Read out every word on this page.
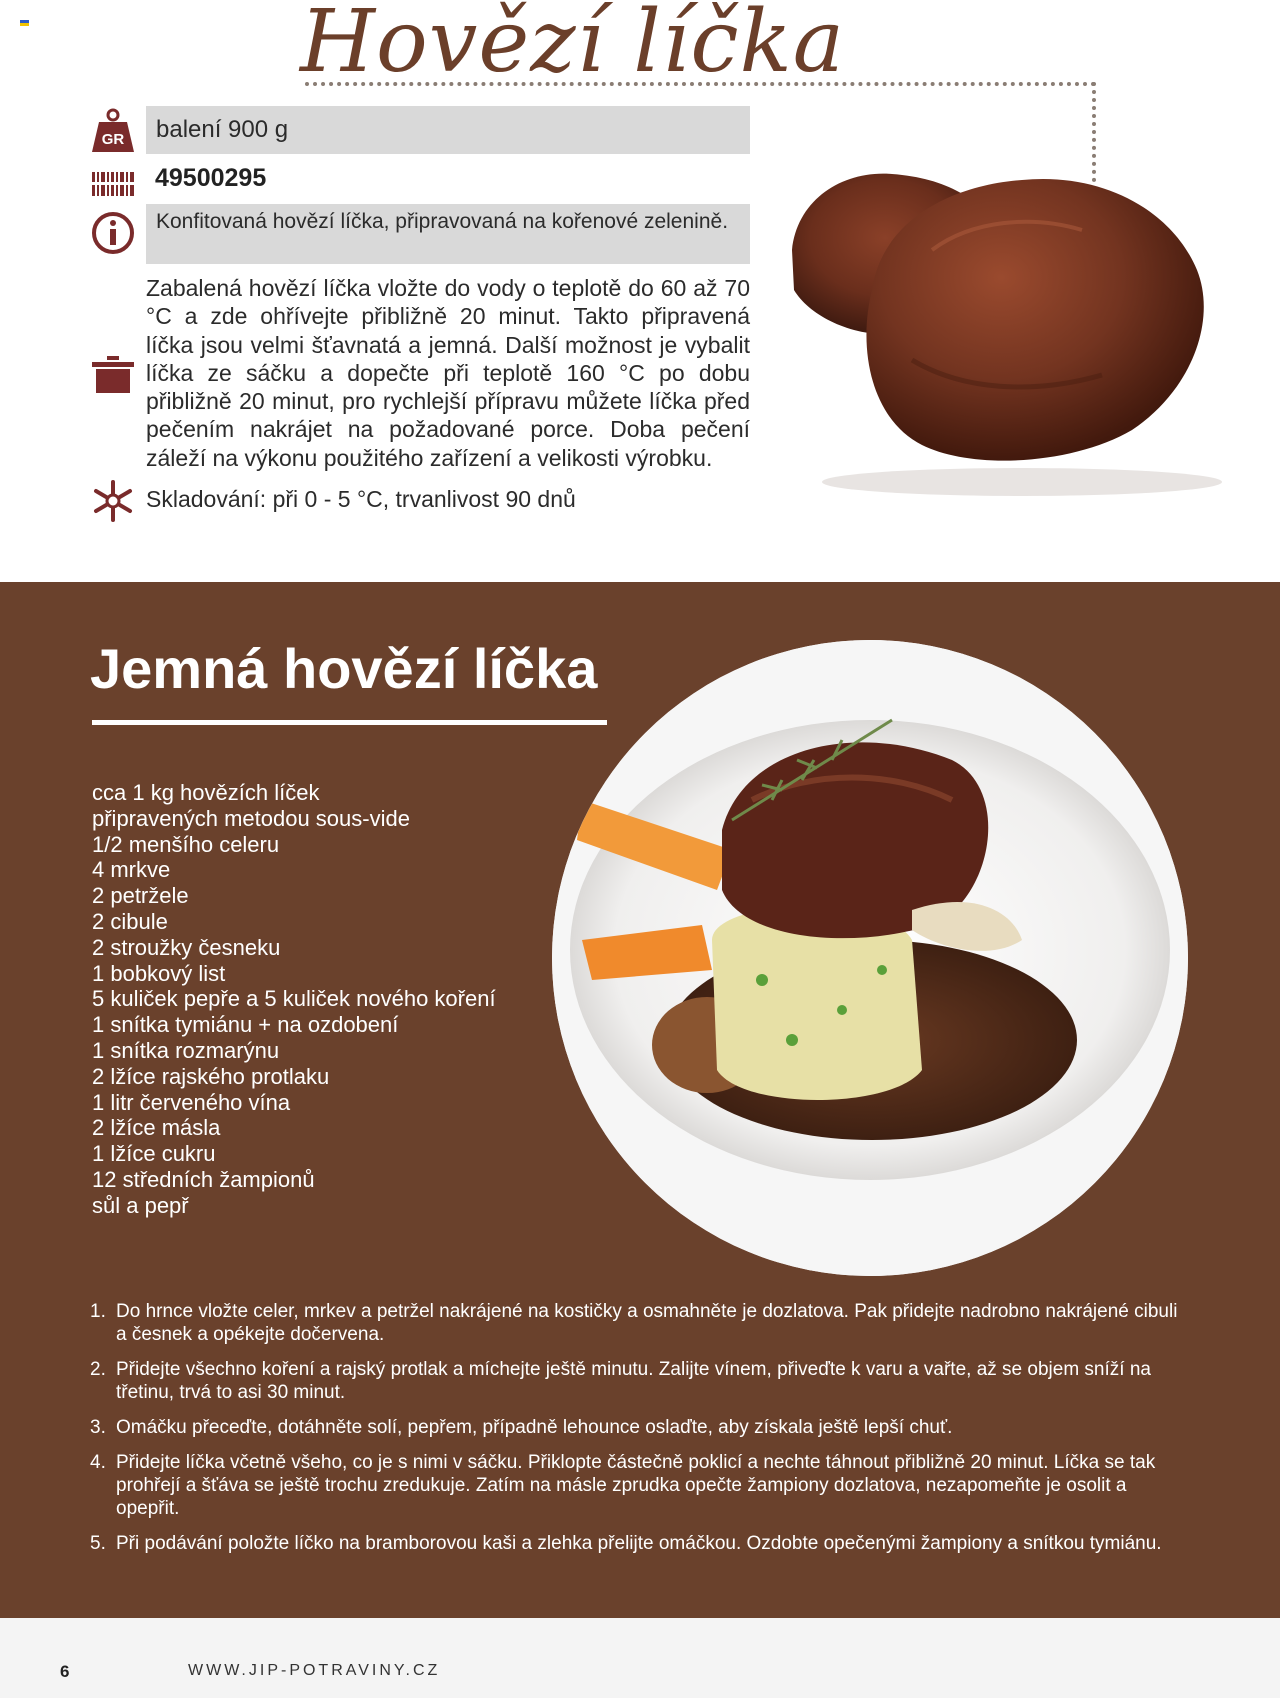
Hovězí líčka
GR	balení 900 g
49500295
Konfitovaná hovězí líčka, připravovaná na kořenové zelenině.
Zabalená hovězí líčka vložte do vody o teplotě do 60 až 70 °C a zde ohřívejte přibližně 20 minut. Takto připravená líčka jsou velmi šťavnatá a jemná. Další možnost je vybalit líčka ze sáčku a dopečte při teplotě 160 °C po dobu přibližně 20 minut, pro rychlejší přípravu můžete líčka před pečením nakrájet na požadované porce. Doba pečení záleží na výkonu použitého zařízení a velikosti výrobku.
Skladování: při 0 - 5 °C, trvanlivost 90 dnů
Jemná hovězí líčka
cca 1 kg hovězích líček
připravených metodou sous-vide
1/2 menšího celeru
4 mrkve
2 petržele
2 cibule
2 stroužky česneku
1 bobkový list
5 kuliček pepře a 5 kuliček nového koření
1 snítka tymiánu + na ozdobení
1 snítka rozmarýnu
2 lžíce rajského protlaku
1 litr červeného vína
2 lžíce másla
1 lžíce cukru
12 středních žampionů
sůl a pepř
1. Do hrnce vložte celer, mrkev a petržel nakrájené na kostičky a osmahněte je dozlatova. Pak přidejte nadrobno nakrájené cibuli a česnek a opékejte dočervena.
2. Přidejte všechno koření a rajský protlak a míchejte ještě minutu. Zalijte vínem, přiveďte k varu a vařte, až se objem sníží na třetinu, trvá to asi 30 minut.
3. Omáčku přeceďte, dotáhněte solí, pepřem, případně lehounce oslaďte, aby získala ještě lepší chuť.
4. Přidejte líčka včetně všeho, co je s nimi v sáčku. Přiklopte částečně poklicí a nechte táhnout přibližně 20 minut. Líčka se tak prohřejí a šťáva se ještě trochu zredukuje. Zatím na másle zprudka opečte žampiony dozlatova, nezapomeňte je osolit a opepřit.
5. Při podávání položte líčko na bramborovou kaši a zlehka přelijte omáčkou. Ozdobte opečenými žampiony a snítkou tymiánu.
6	WWW.JIP-POTRAVINY.CZ
